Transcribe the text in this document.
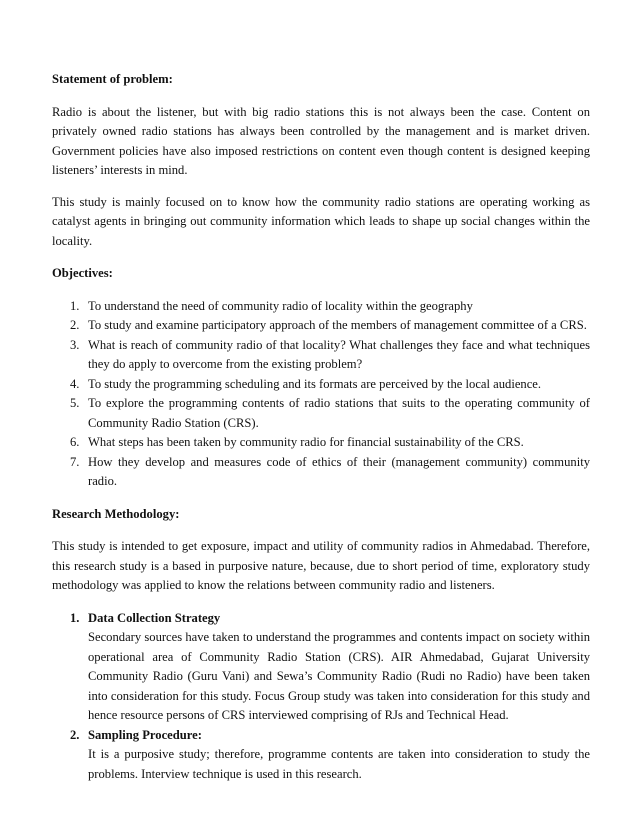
Statement of problem:

Radio is about the listener, but with big radio stations this is not always been the case. Content on privately owned radio stations has always been controlled by the management and is market driven. Government policies have also imposed restrictions on content even though content is designed keeping listeners’ interests in mind.

This study is mainly focused on to know how the community radio stations are operating working as catalyst agents in bringing out community information which leads to shape up social changes within the locality.

Objectives:

1. To understand the need of community radio of locality within the geography
2. To study and examine participatory approach of the members of management committee of a CRS.
3. What is reach of community radio of that locality? What challenges they face and what techniques they do apply to overcome from the existing problem?
4. To study the programming scheduling and its formats are perceived by the local audience.
5. To explore the programming contents of radio stations that suits to the operating community of Community Radio Station (CRS).
6. What steps has been taken by community radio for financial sustainability of the CRS.
7. How they develop and measures code of ethics of their (management community) community radio.

Research Methodology:

This study is intended to get exposure, impact and utility of community radios in Ahmedabad. Therefore, this research study is a based in purposive nature, because, due to short period of time, exploratory study methodology was applied to know the relations between community radio and listeners.

1. Data Collection Strategy
Secondary sources have taken to understand the programmes and contents impact on society within operational area of Community Radio Station (CRS). AIR Ahmedabad, Gujarat University Community Radio (Guru Vani) and Sewa’s Community Radio (Rudi no Radio) have been taken into consideration for this study. Focus Group study was taken into consideration for this study and hence resource persons of CRS interviewed comprising of RJs and Technical Head.
2. Sampling Procedure:
It is a purposive study; therefore, programme contents are taken into consideration to study the problems. Interview technique is used in this research.
